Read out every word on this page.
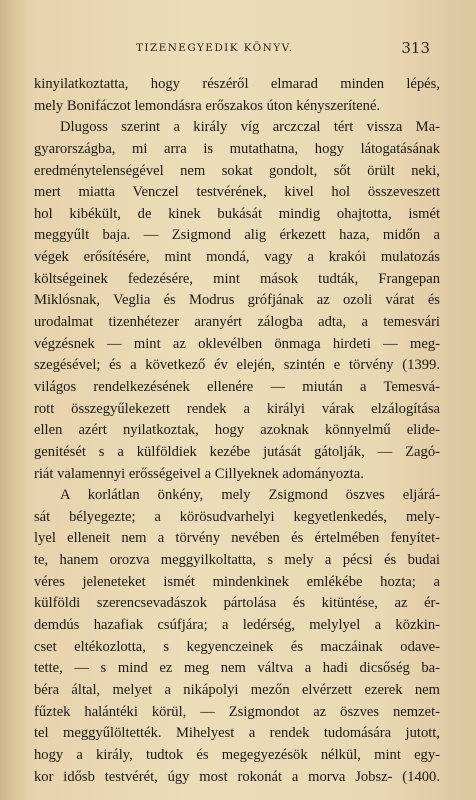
TIZENEGYEDIK KÖNYV.	313
kinyilatkoztatta, hogy részéről elmarad minden lépés,
mely Bonifáczot lemondásra erőszakos úton kényszerítené.
Dlugoss szerint a király víg arczczal tért vissza Ma-
gyarországba, mi arra is mutathatna, hogy látogatásának
eredménytelenségével nem sokat gondolt, sőt örült neki,
mert miatta Venczel testvérének, kivel hol összeveszett
hol kibékült, de kinek bukását mindig ohajtotta, ismét
meggyűlt baja. — Zsigmond alig érkezett haza, midőn a
végek erősítésére, mint mondá, vagy a krakói mulatozás
költségeinek fedezésére, mint mások tudták, Frangepan
Miklósnak, Veglia és Modrus grófjának az ozoli várat és
urodalmat tizenhétezer aranyért zálogba adta, a temesvári
végzésnek — mint az oklevélben önmaga hirdeti — meg-
szegésével; és a következő év elején, szintén e törvény (1399.
világos rendelkezésének ellenére — miután a Temesvá-
rott összegyűlekezett rendek a királyi várak elzálogítása
ellen azért nyilatkoztak, hogy azoknak könnyelmű elide-
genitését s a külföldiek kezébe jutását gátolják, — Zagó-
riát valamennyi erősségeivel a Cillyeknek adományozta.
A korlátlan önkény, mely Zsigmond öszves eljárá-
sát bélyegezte; a körösudvarhelyi kegyetlenkedés, mely-
lyel elleneit nem a törvény nevében és értelmében fenyítet-
te, hanem orozva meggyilkoltatta, s mely a pécsi és budai
véres jeleneteket ismét mindenkinek emlékébe hozta; a
külföldi szerencsevadászok pártolása és kitüntése, az ér-
demdús hazafiak csúfjára; a ledérség, melylyel a közkin-
cset eltékozlotta, s kegyenczeinek és maczáinak odave-
tette, — s mind ez meg nem váltva a hadi dicsőség ba-
béra által, melyet a nikápolyi mezőn elvérzett ezerek nem
fűztek halántéki körül, — Zsigmondot az öszves nemzet-
tel meggyűlöltették. Mihelyest a rendek tudomására jutott,
hogy a király, tudtok és megegyezésök nélkül, mint egy-
kor idősb testvérét, úgy most rokonát a morva Jobsz- (1400.
